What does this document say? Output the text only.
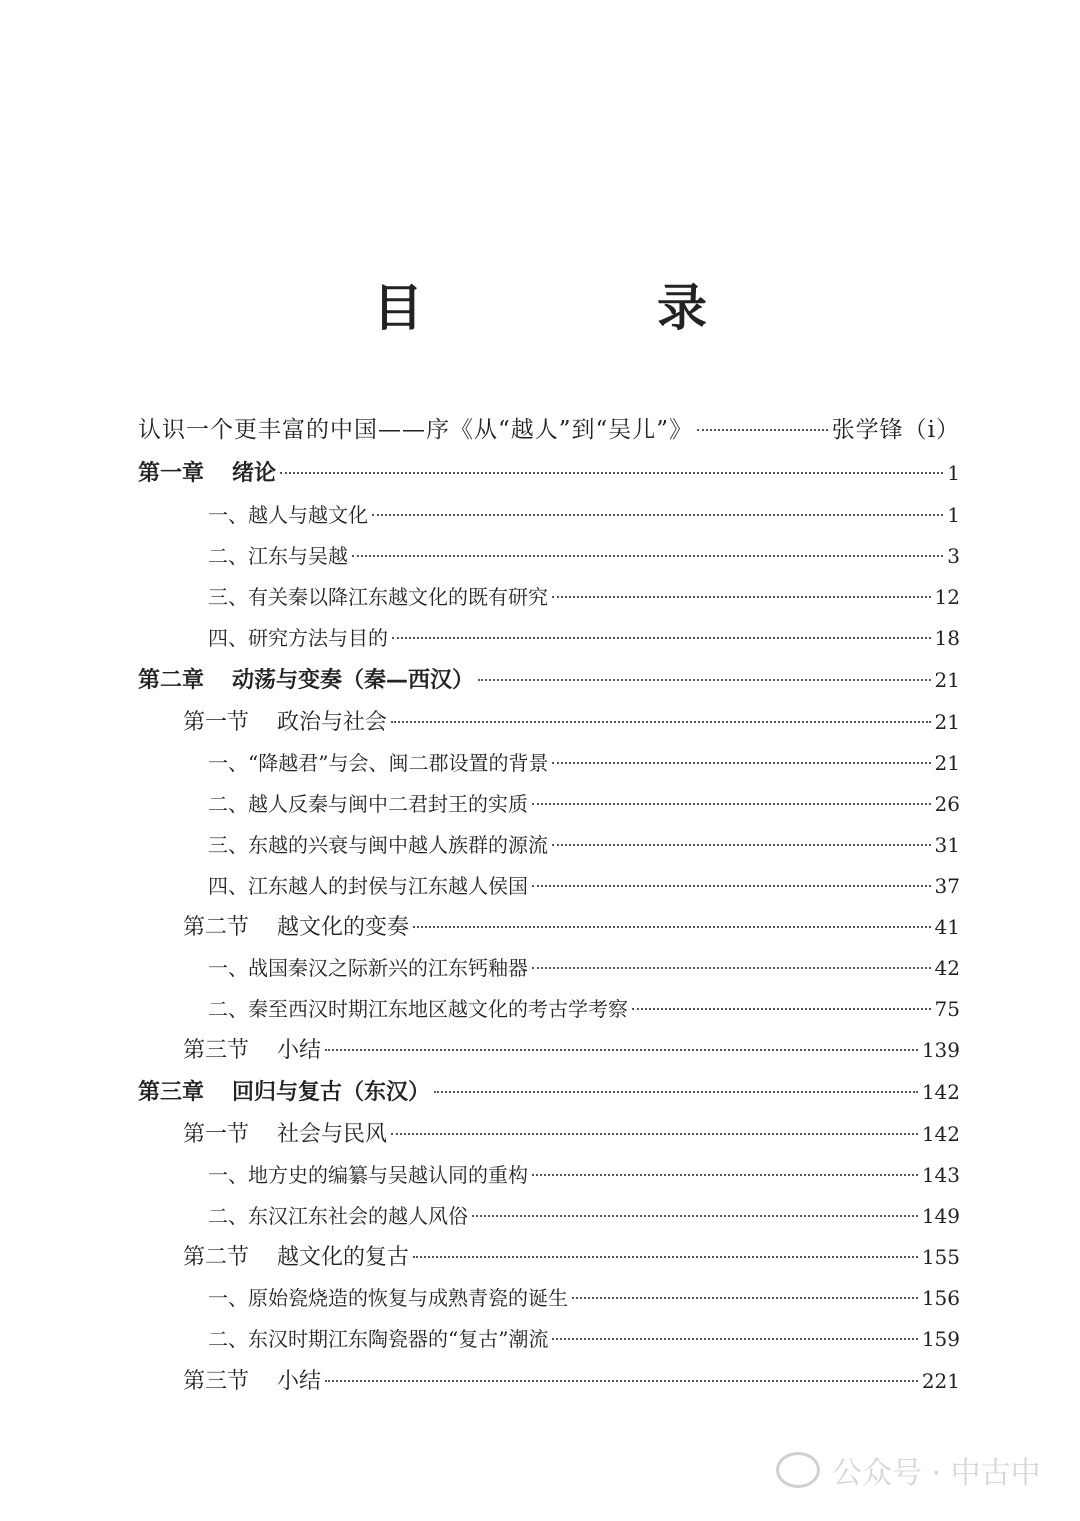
目　录
认识一个更丰富的中国——序《从“越人”到“吴儿”》	张学锋（i）
公众号 · 中古中
第一章 绪论	1
一、越人与越文化	1
二、江东与吴越	3
三、有关秦以降江东越文化的既有研究	12
四、研究方法与目的	18
第二章 动荡与变奏（秦—西汉）	21
第一节 政治与社会	21
一、“降越君”与会、闽二郡设置的背景	21
二、越人反秦与闽中二君封王的实质	26
三、东越的兴衰与闽中越人族群的源流	31
四、江东越人的封侯与江东越人侯国	37
第二节 越文化的变奏	41
一、战国秦汉之际新兴的江东钙釉器	42
二、秦至西汉时期江东地区越文化的考古学考察	75
第三节 小结	139
第三章 回归与复古（东汉）	142
第一节 社会与民风	142
一、地方史的编纂与吴越认同的重构	143
二、东汉江东社会的越人风俗	149
第二节 越文化的复古	155
一、原始瓷烧造的恢复与成熟青瓷的诞生	156
二、东汉时期江东陶瓷器的“复古”潮流	159
第三节 小结	221
